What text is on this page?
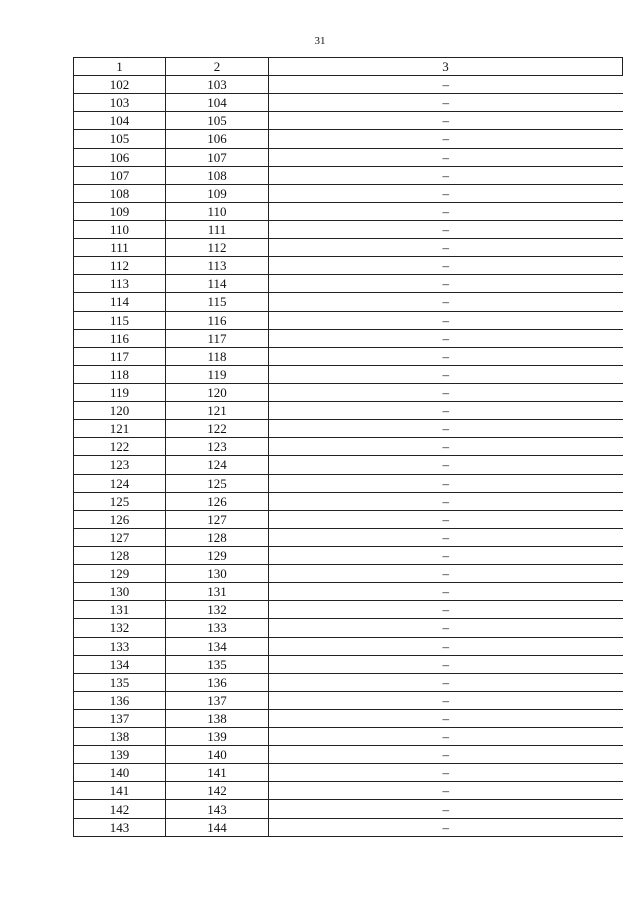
31
1	2	3
102	103	–
103	104	–
104	105	–
105	106	–
106	107	–
107	108	–
108	109	–
109	110	–
110	111	–
111	112	–
112	113	–
113	114	–
114	115	–
115	116	–
116	117	–
117	118	–
118	119	–
119	120	–
120	121	–
121	122	–
122	123	–
123	124	–
124	125	–
125	126	–
126	127	–
127	128	–
128	129	–
129	130	–
130	131	–
131	132	–
132	133	–
133	134	–
134	135	–
135	136	–
136	137	–
137	138	–
138	139	–
139	140	–
140	141	–
141	142	–
142	143	–
143	144	–
